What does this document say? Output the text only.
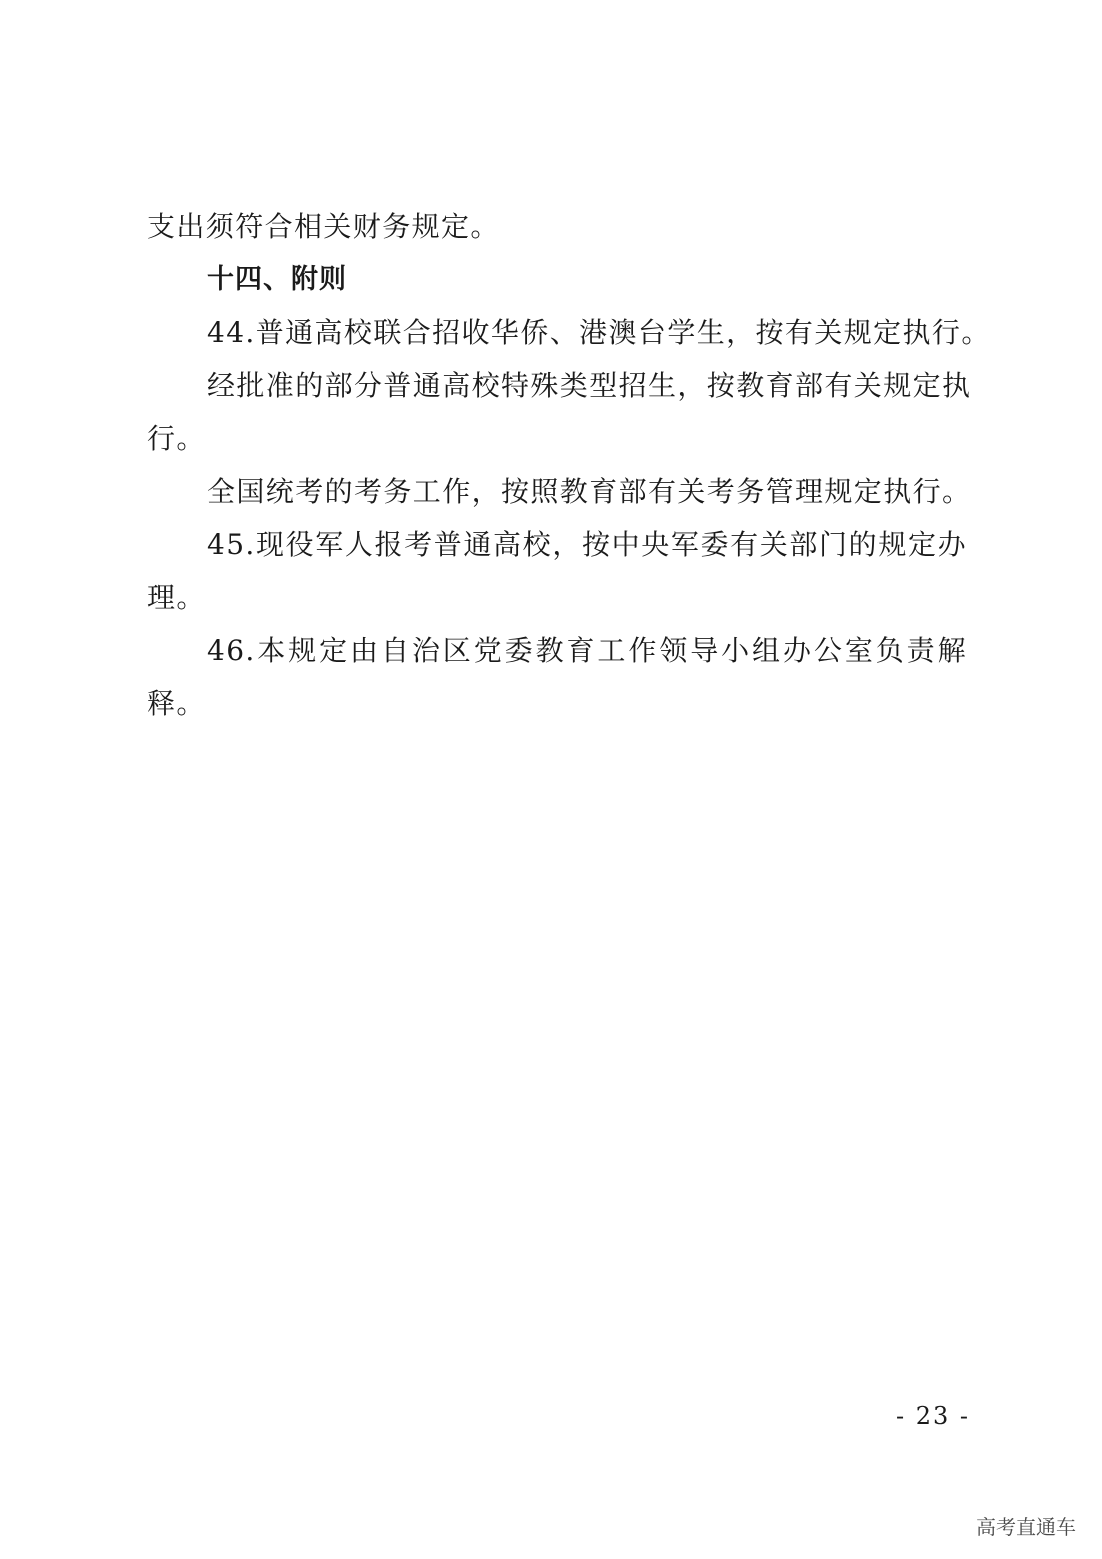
支出须符合相关财务规定。
十四、附则
44.普通高校联合招收华侨、港澳台学生，按有关规定执行。
经批准的部分普通高校特殊类型招生，按教育部有关规定执
行。
全国统考的考务工作，按照教育部有关考务管理规定执行。
45.现役军人报考普通高校，按中央军委有关部门的规定办
理。
46.本规定由自治区党委教育工作领导小组办公室负责解
释。
- 23 -
高考直通车
